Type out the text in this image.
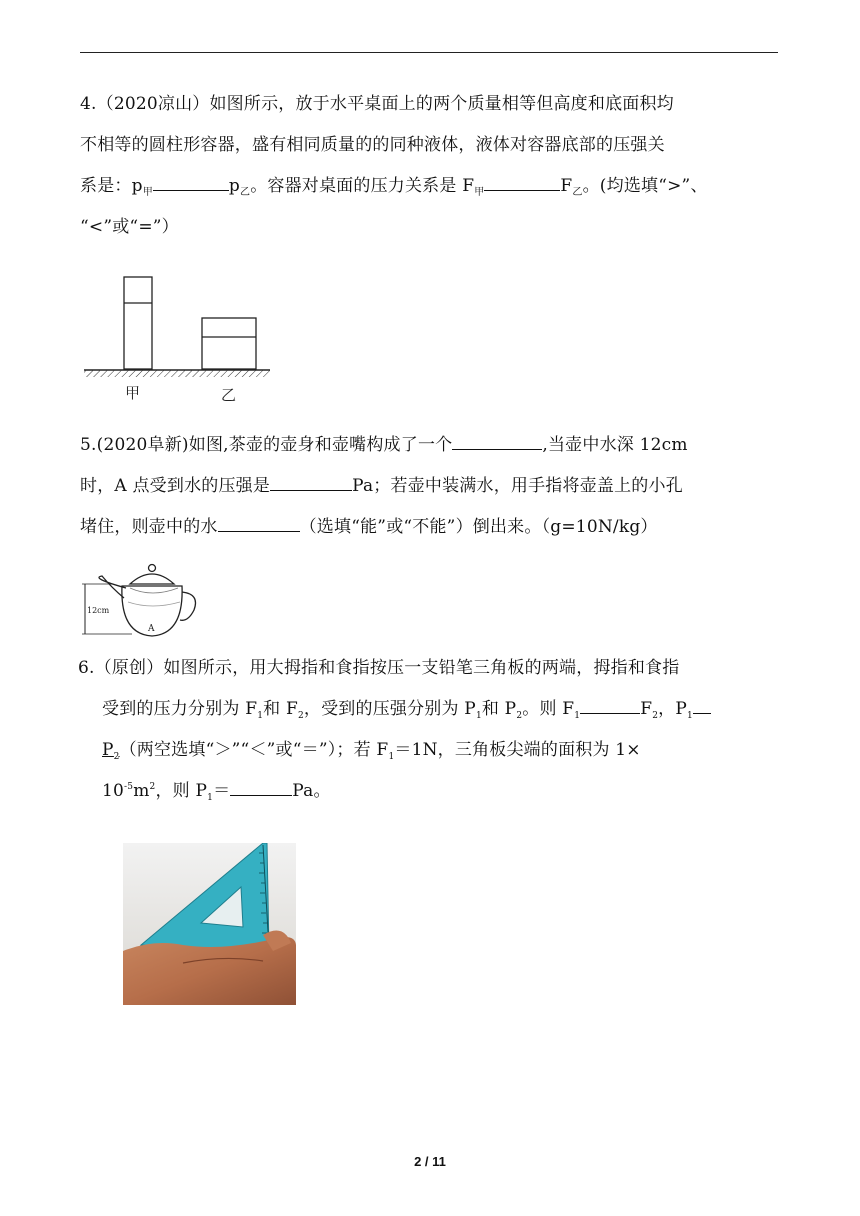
4.（2020凉山）如图所示，放于水平桌面上的两个质量相等但高度和底面积均
不相等的圆柱形容器，盛有相同质量的的同种液体，液体对容器底部的压强关
系是：$p_甲$	$p_乙$。容器对桌面的压力关系是 $F_甲$	$F_乙$。(均选填“>”、
“<”或“=”）
甲	乙
5.(2020阜新)如图,茶壶的壶身和壶嘴构成了一个	,当壶中水深 12cm
时，A 点受到水的压强是	Pa；若壶中装满水，用手指将壶盖上的小孔
堵住，则壶中的水	（选填“能”或“不能”）倒出来。（g=10N/kg）
12cm
A
6.（原创）如图所示，用大拇指和食指按压一支铅笔三角板的两端，拇指和食指
受到的压力分别为 $F_1$和 $F_2$，受到的压强分别为 $P_1$和 $P_2$。则 $F_1$	$F_2$，$P_1$
$P_2$（两空选填“＞”“＜”或“＝”）；若 $F_1=1N$，三角板尖端的面积为 1×
$10^{-5}m^2$，则 $P_1=$	Pa。
2 / 11
